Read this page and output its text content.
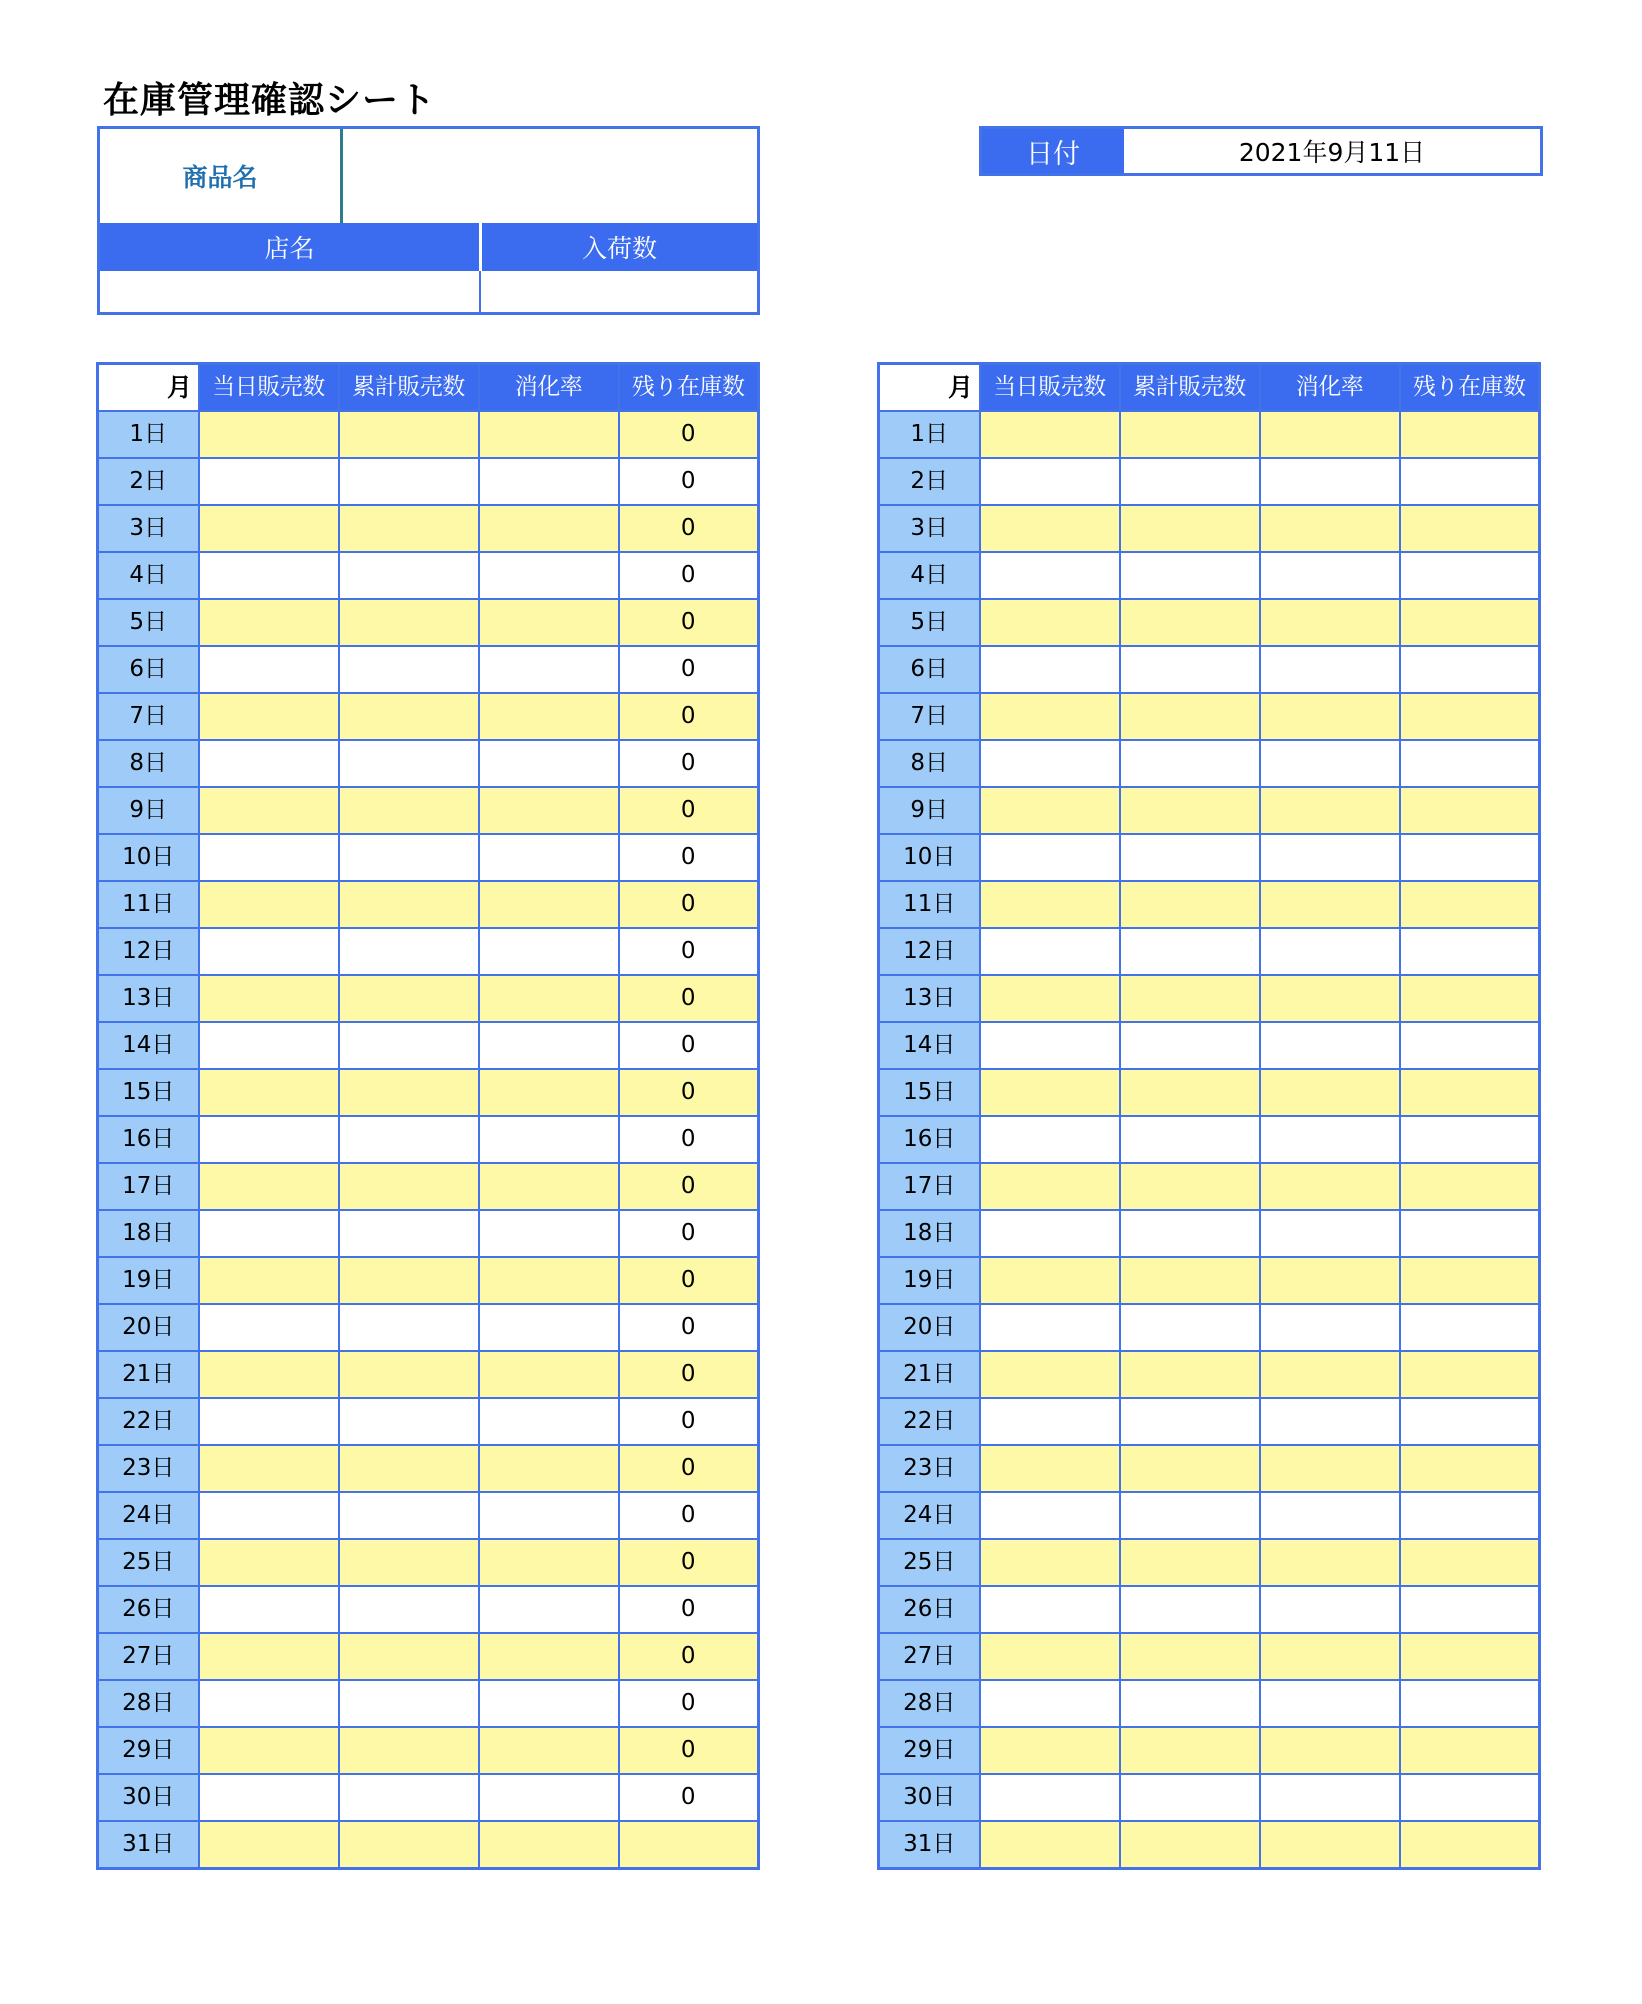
在庫管理確認シート
商品名
店名	入荷数
日付	2021年9月11日
月	当日販売数	累計販売数	消化率	残り在庫数
1日				0
2日				0
3日				0
4日				0
5日				0
6日				0
7日				0
8日				0
9日				0
10日				0
11日				0
12日				0
13日				0
14日				0
15日				0
16日				0
17日				0
18日				0
19日				0
20日				0
21日				0
22日				0
23日				0
24日				0
25日				0
26日				0
27日				0
28日				0
29日				0
30日				0
31日				
月	当日販売数	累計販売数	消化率	残り在庫数
1日				
2日				
3日				
4日				
5日				
6日				
7日				
8日				
9日				
10日				
11日				
12日				
13日				
14日				
15日				
16日				
17日				
18日				
19日				
20日				
21日				
22日				
23日				
24日				
25日				
26日				
27日				
28日				
29日				
30日				
31日				
